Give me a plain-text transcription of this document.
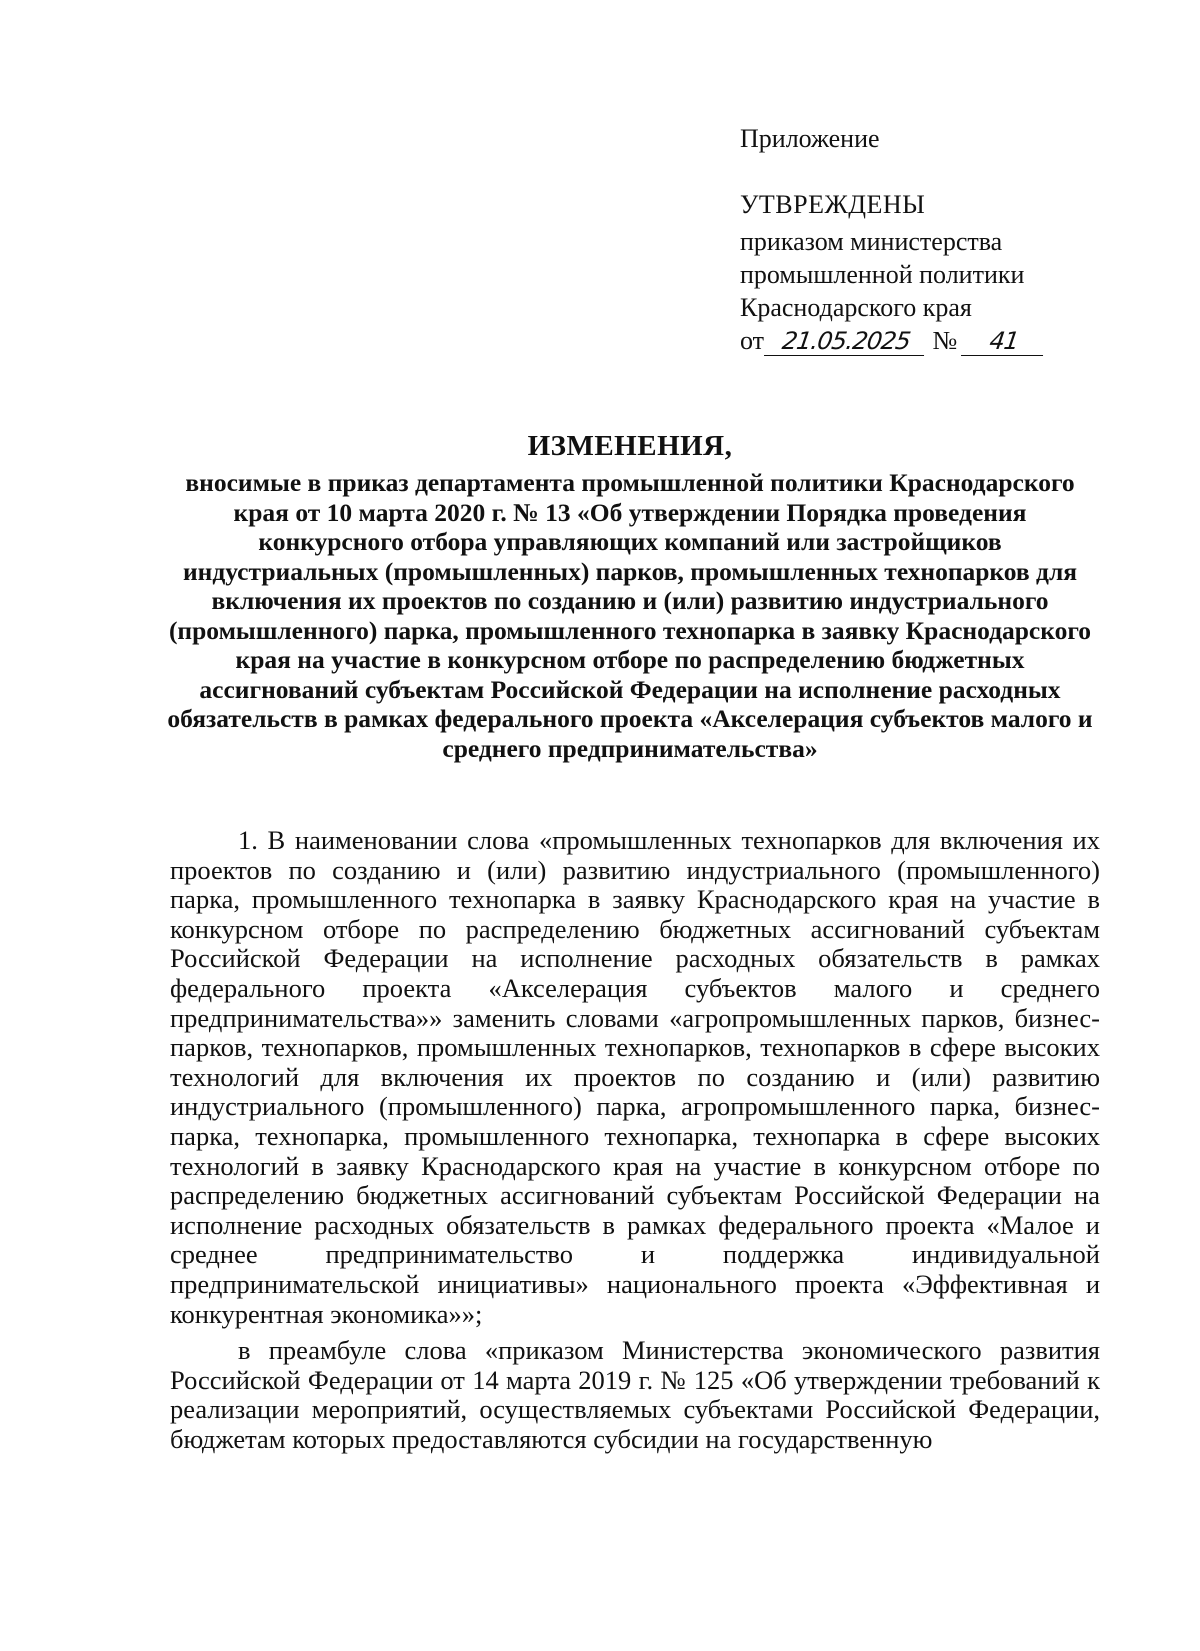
Приложение
УТВРЕЖДЕНЫ
приказом министерства
промышленной политики
Краснодарского края
от 21.05.2025 № 41
ИЗМЕНЕНИЯ,
вносимые в приказ департамента промышленной политики Краснодарского края от 10 марта 2020 г. № 13 «Об утверждении Порядка проведения конкурсного отбора управляющих компаний или застройщиков индустриальных (промышленных) парков, промышленных технопарков для включения их проектов по созданию и (или) развитию индустриального (промышленного) парка, промышленного технопарка в заявку Краснодарского края на участие в конкурсном отборе по распределению бюджетных ассигнований субъектам Российской Федерации на исполнение расходных обязательств в рамках федерального проекта «Акселерация субъектов малого и среднего предпринимательства»

1. В наименовании слова «промышленных технопарков для включения их проектов по созданию и (или) развитию индустриального (промышленного) парка, промышленного технопарка в заявку Краснодарского края на участие в конкурсном отборе по распределению бюджетных ассигнований субъектам Российской Федерации на исполнение расходных обязательств в рамках федерального проекта «Акселерация субъектов малого и среднего предпринимательства»» заменить словами «агропромышленных парков, бизнес-парков, технопарков, промышленных технопарков, технопарков в сфере высоких технологий для включения их проектов по созданию и (или) развитию индустриального (промышленного) парка, агропромышленного парка, бизнес-парка, технопарка, промышленного технопарка, технопарка в сфере высоких технологий в заявку Краснодарского края на участие в конкурсном отборе по распределению бюджетных ассигнований субъектам Российской Федерации на исполнение расходных обязательств в рамках федерального проекта «Малое и среднее предпринимательство и поддержка индивидуальной предпринимательской инициативы» национального проекта «Эффективная и конкурентная экономика»»;

в преамбуле слова «приказом Министерства экономического развития Российской Федерации от 14 марта 2019 г. № 125 «Об утверждении требований к реализации мероприятий, осуществляемых субъектами Российской Федерации, бюджетам которых предоставляются субсидии на государственную
